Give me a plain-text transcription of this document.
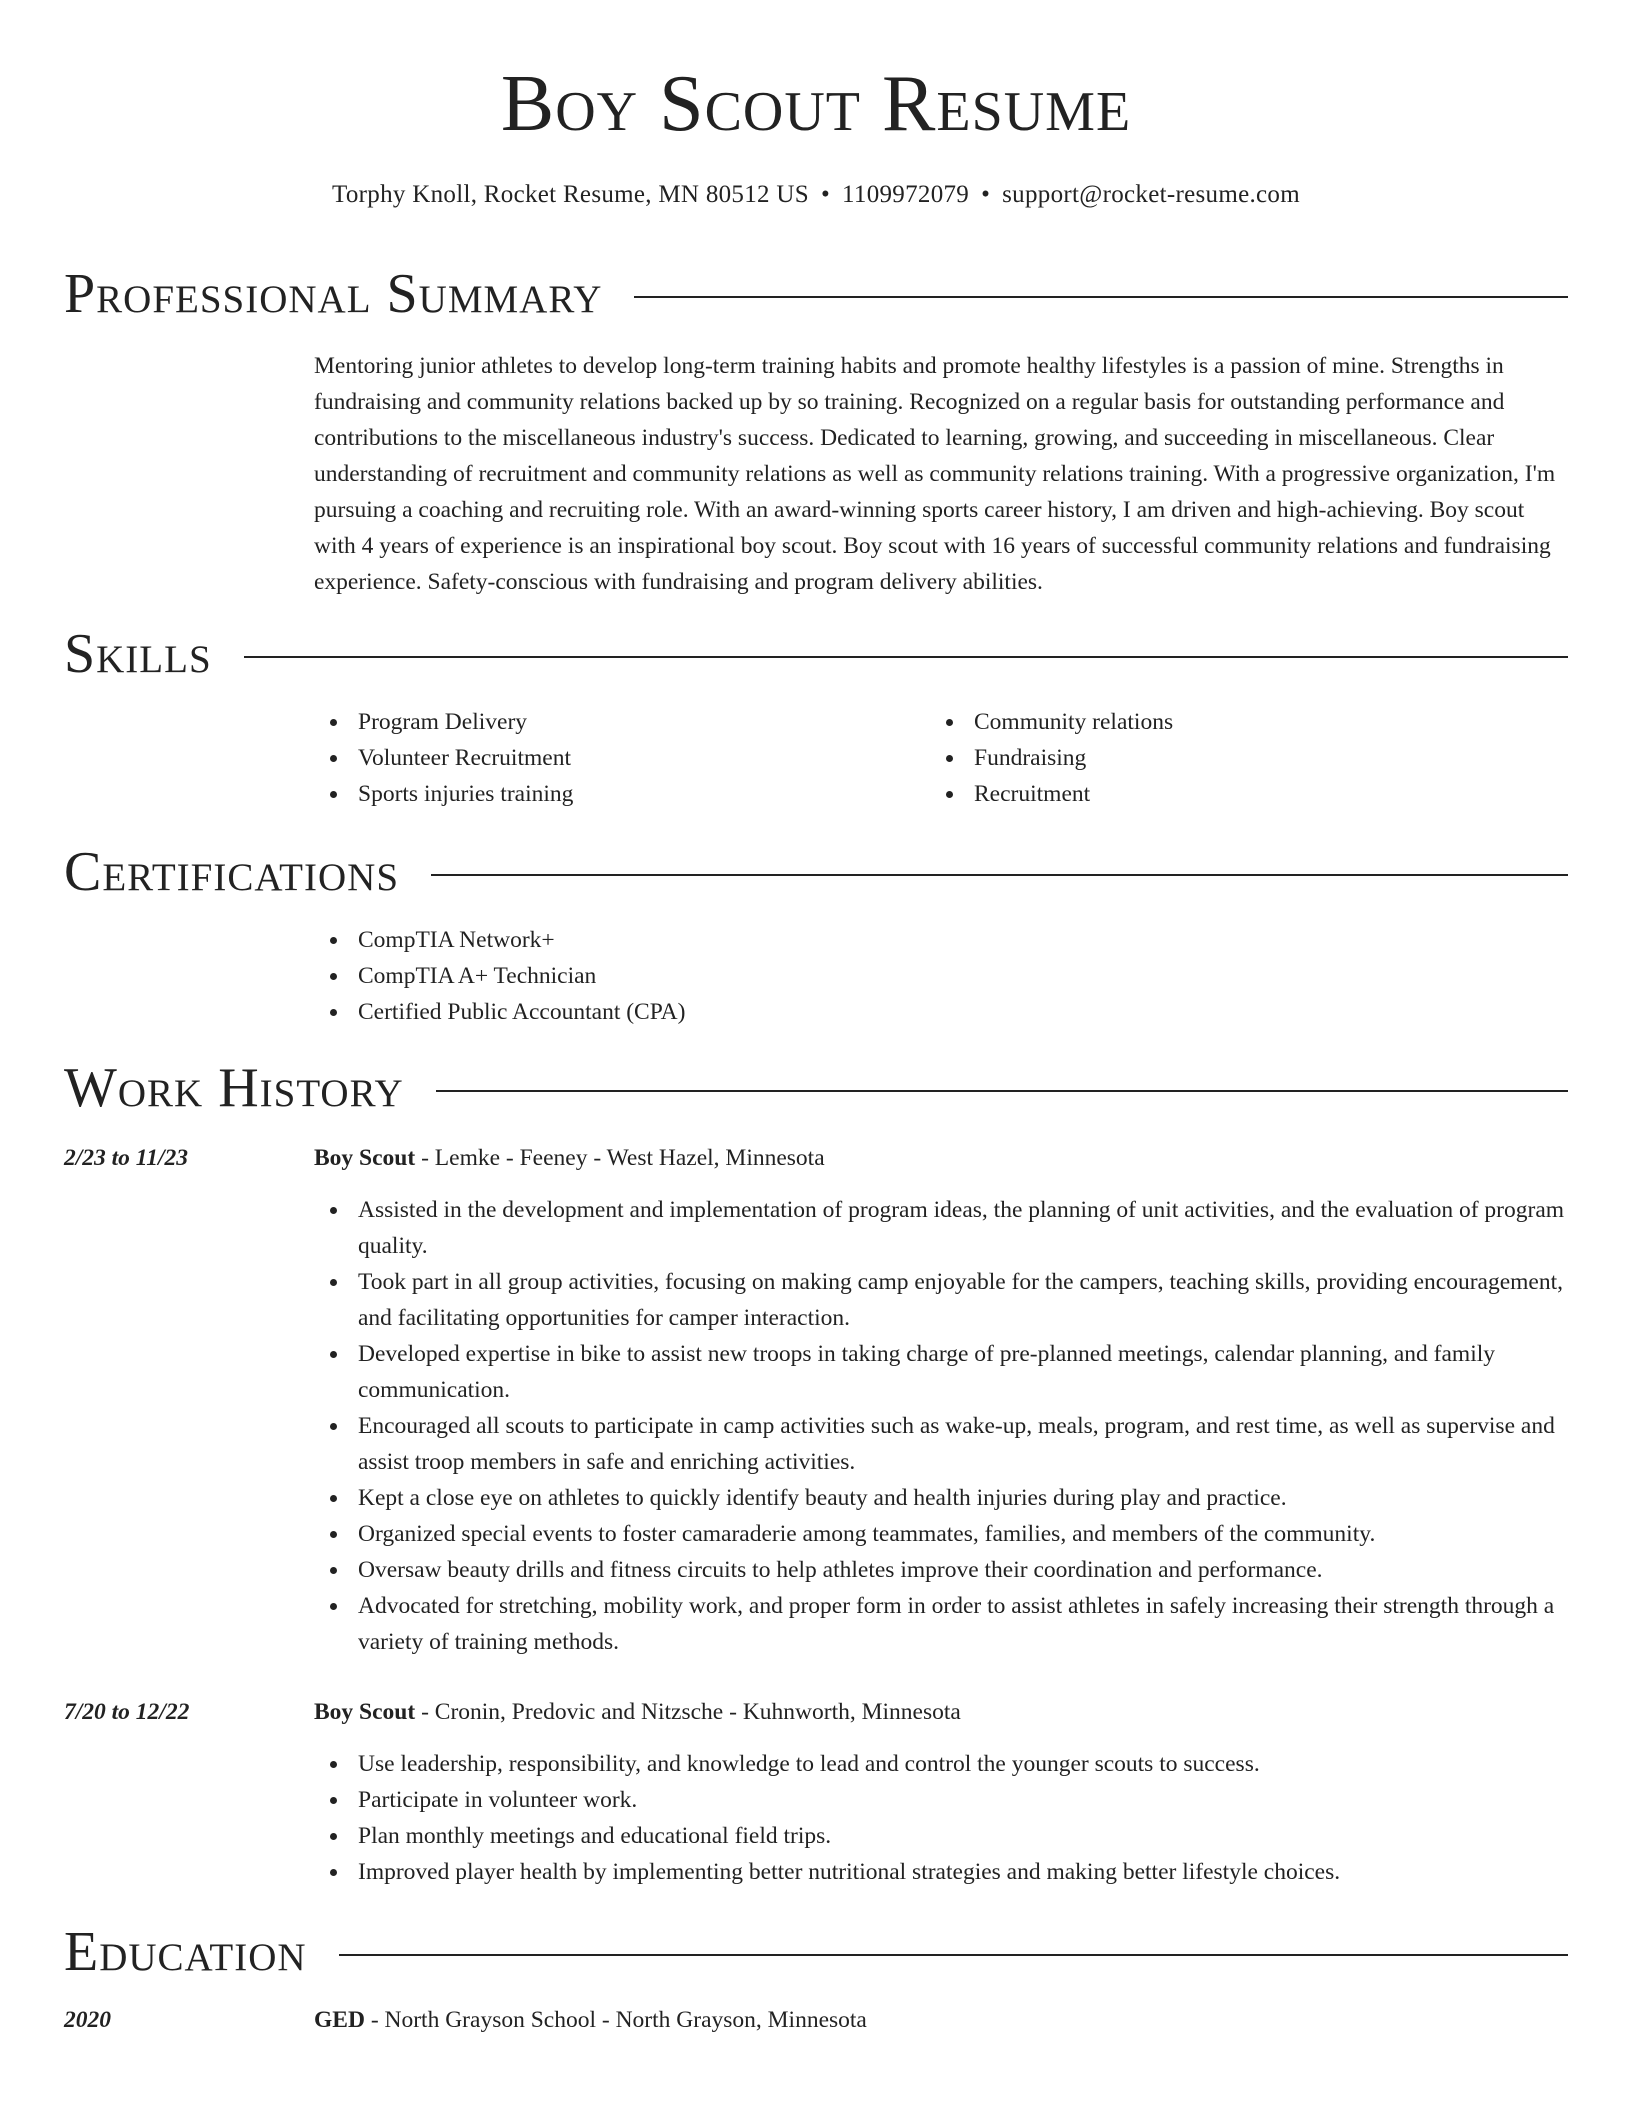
Boy Scout Resume
Torphy Knoll, Rocket Resume, MN 80512 US • 1109972079 • support@rocket-resume.com
Professional Summary

Mentoring junior athletes to develop long-term training habits and promote healthy lifestyles is a passion of mine. Strengths in fundraising and community relations backed up by so training. Recognized on a regular basis for outstanding performance and contributions to the miscellaneous industry's success. Dedicated to learning, growing, and succeeding in miscellaneous. Clear understanding of recruitment and community relations as well as community relations training. With a progressive organization, I'm pursuing a coaching and recruiting role. With an award-winning sports career history, I am driven and high-achieving. Boy scout with 4 years of experience is an inspirational boy scout. Boy scout with 16 years of successful community relations and fundraising experience. Safety-conscious with fundraising and program delivery abilities.

Skills
Program Delivery
Volunteer Recruitment
Sports injuries training
Community relations
Fundraising
Recruitment
Certifications
CompTIA Network+
CompTIA A+ Technician
Certified Public Accountant (CPA)
Work History
2/23 to 11/23	Boy Scout - Lemke - Feeney - West Hazel, Minnesota
Assisted in the development and implementation of program ideas, the planning of unit activities, and the evaluation of program quality.
Took part in all group activities, focusing on making camp enjoyable for the campers, teaching skills, providing encouragement, and facilitating opportunities for camper interaction.
Developed expertise in bike to assist new troops in taking charge of pre-planned meetings, calendar planning, and family communication.
Encouraged all scouts to participate in camp activities such as wake-up, meals, program, and rest time, as well as supervise and assist troop members in safe and enriching activities.
Kept a close eye on athletes to quickly identify beauty and health injuries during play and practice.
Organized special events to foster camaraderie among teammates, families, and members of the community.
Oversaw beauty drills and fitness circuits to help athletes improve their coordination and performance.
Advocated for stretching, mobility work, and proper form in order to assist athletes in safely increasing their strength through a variety of training methods.
7/20 to 12/22	Boy Scout - Cronin, Predovic and Nitzsche - Kuhnworth, Minnesota
Use leadership, responsibility, and knowledge to lead and control the younger scouts to success.
Participate in volunteer work.
Plan monthly meetings and educational field trips.
Improved player health by implementing better nutritional strategies and making better lifestyle choices.
Education
2020	GED - North Grayson School - North Grayson, Minnesota
